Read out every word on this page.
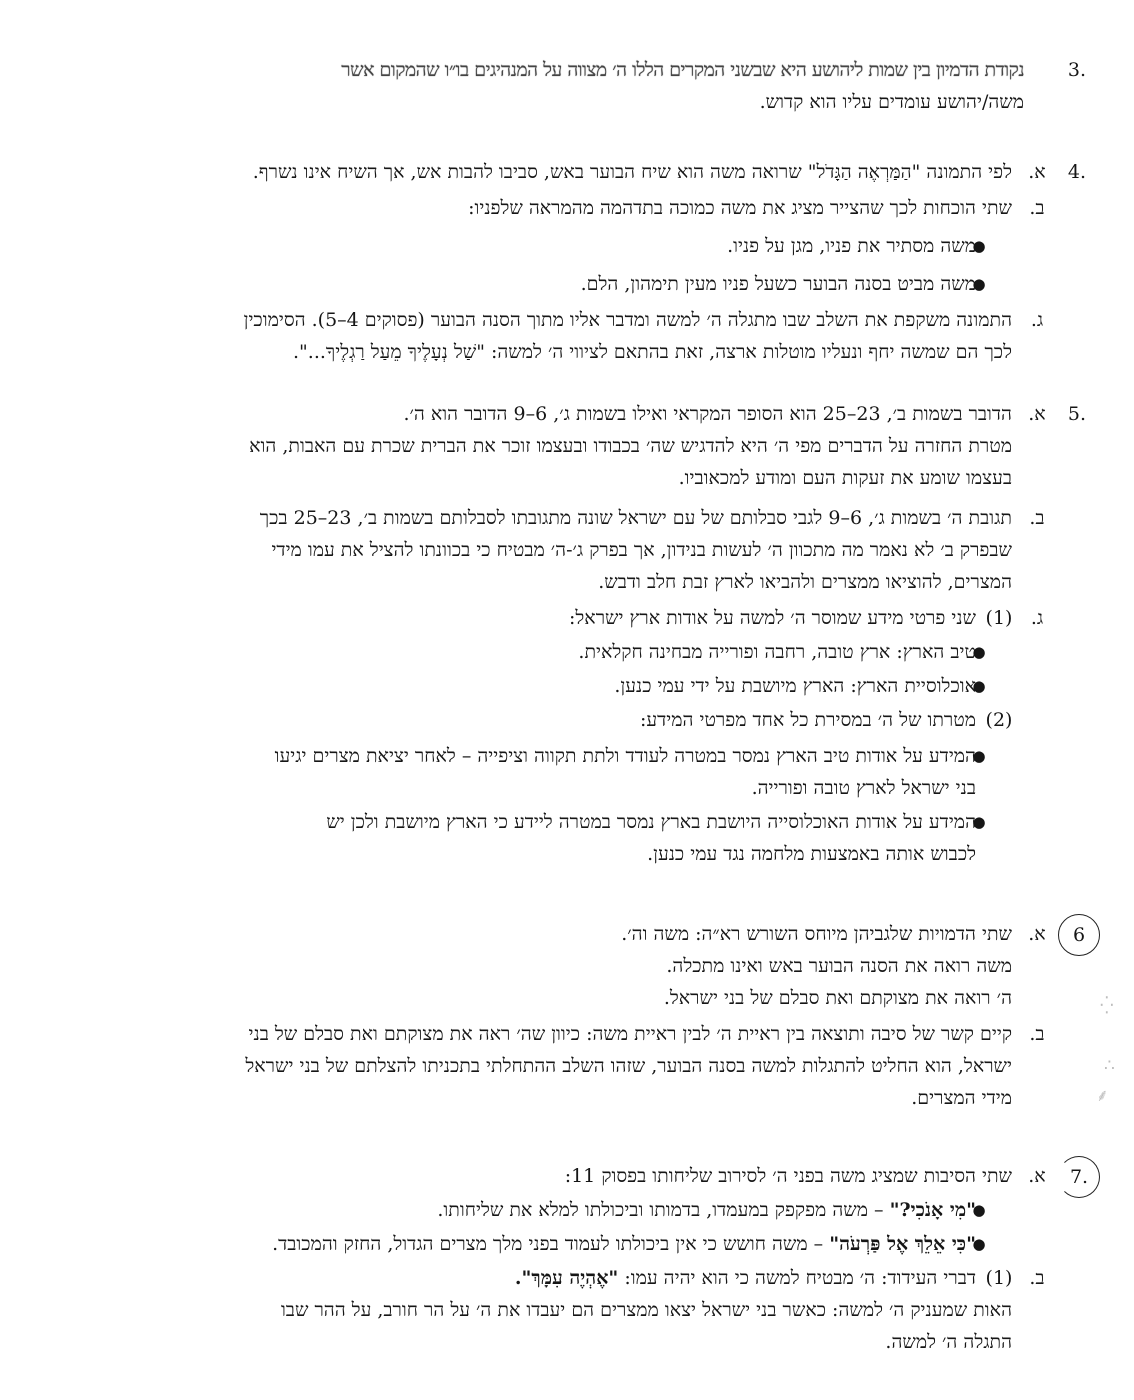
.3
נקודת הדמיון בין שמות ליהושע היא שבשני המקרים הללו ה׳ מצווה על המנהיגים בו״ו שהמקום אשר
משה/יהושע עומדים עליו הוא קדוש.
.4
א.
לפי התמונה "הַמַּרְאֶה הַגָּדֹל" שרואה משה הוא שיח הבוער באש, סביבו להבות אש, אך השיח אינו נשרף.
ב.
שתי הוכחות לכך שהצייר מציג את משה כמוכה בתדהמה מהמראה שלפניו:
●
משה מסתיר את פניו, מגן על פניו.
●
משה מביט בסנה הבוער כשעל פניו מעין תימהון, הלם.
ג.
התמונה משקפת את השלב שבו מתגלה ה׳ למשה ומדבר אליו מתוך הסנה הבוער (פסוקים 4–5). הסימוכין
לכך הם שמשה יחף ונעליו מוטלות ארצה, זאת בהתאם לציווי ה׳ למשה: "שַׁל נְעָלֶיךָ מֵעַל רַגְלֶיךָ...".
.5
א.
הדובר בשמות ב׳, 23–25 הוא הסופר המקראי ואילו בשמות ג׳, 6–9 הדובר הוא ה׳.
מטרת החזרה על הדברים מפי ה׳ היא להדגיש שה׳ בכבודו ובעצמו זוכר את הברית שכרת עם האבות, הוא
בעצמו שומע את זעקות העם ומודע למכאוביו.
ב.
תגובת ה׳ בשמות ג׳, 6–9 לגבי סבלותם של עם ישראל שונה מתגובתו לסבלותם בשמות ב׳, 23–25 בכך
שבפרק ב׳ לא נאמר מה מתכוון ה׳ לעשות בנידון, אך בפרק ג׳-ה׳ מבטיח כי בכוונתו להציל את עמו מידי
המצרים, להוציאו ממצרים ולהביאו לארץ זבת חלב ודבש.
ג.
(1)
שני פרטי מידע שמוסר ה׳ למשה על אודות ארץ ישראל:
●
טיב הארץ: ארץ טובה, רחבה ופורייה מבחינה חקלאית.
●
אוכלוסיית הארץ: הארץ מיושבת על ידי עמי כנען.
(2)
מטרתו של ה׳ במסירת כל אחד מפרטי המידע:
●
המידע על אודות טיב הארץ נמסר במטרה לעודד ולתת תקווה וציפייה – לאחר יציאת מצרים יגיעו
בני ישראל לארץ טובה ופורייה.
●
המידע על אודות האוכלוסייה היושבת בארץ נמסר במטרה ליידע כי הארץ מיושבת ולכן יש
לכבוש אותה באמצעות מלחמה נגד עמי כנען.
6
א.
שתי הדמויות שלגביהן מיוחס השורש רא״ה: משה וה׳.
משה רואה את הסנה הבוער באש ואינו מתכלה.
ה׳ רואה את מצוקתם ואת סבלם של בני ישראל.
ב.
קיים קשר של סיבה ותוצאה בין ראיית ה׳ לבין ראיית משה: כיוון שה׳ ראה את מצוקתם ואת סבלם של בני
ישראל, הוא החליט להתגלות למשה בסנה הבוער, שזהו השלב ההתחלתי בתכניתו להצלתם של בני ישראל
מידי המצרים.
.7
א.
שתי הסיבות שמציג משה בפני ה׳ לסירוב שליחותו בפסוק 11:
●
"מִי אָנֹכִי?" – משה מפקפק במעמדו, בדמותו וביכולתו למלא את שליחותו.
●
"כִּי אֵלֵךְ אֶל פַּרְעֹה" – משה חושש כי אין ביכולתו לעמוד בפני מלך מצרים הגדול, החזק והמכובד.
ב.
(1)
דברי העידוד: ה׳ מבטיח למשה כי הוא יהיה עמו: "אֶהְיֶה עִמָּךְ".
האות שמעניק ה׳ למשה: כאשר בני ישראל יצאו ממצרים הם יעבדו את ה׳ על הר חורב, על ההר שבו
התגלה ה׳ למשה.
⁛
∴
⸙
